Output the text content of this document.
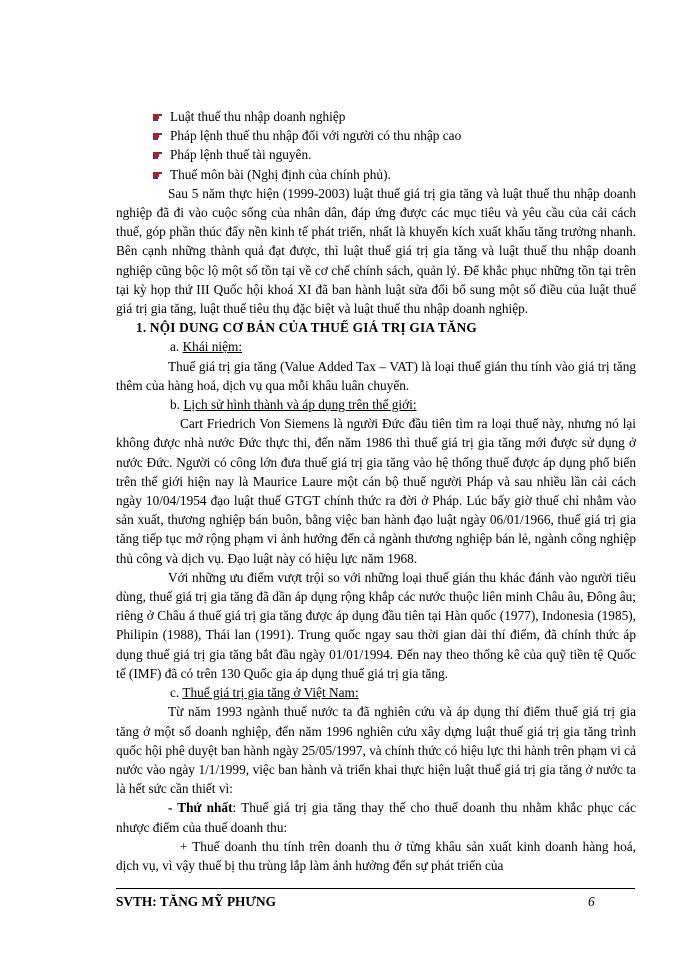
Luật thuế thu nhập doanh nghiệp
Pháp lệnh thuế thu nhập đối với người có thu nhập cao
Pháp lệnh thuế tài nguyên.
Thuế môn bài (Nghị định của chính phủ).

Sau 5 năm thực hiện (1999-2003) luật thuế giá trị gia tăng và luật thuế thu nhập doanh nghiệp đã đi vào cuộc sống của nhân dân, đáp ứng được các mục tiêu và yêu cầu của cải cách thuế, góp phần thúc đẩy nền kinh tế phát triển, nhất là khuyến kích xuất khẩu tăng trưởng nhanh. Bên cạnh những thành quả đạt được, thì luật thuế giá trị gia tăng và luật thuế thu nhập doanh nghiệp cũng bộc lộ một số tồn tại về cơ chế chính sách, quản lý. Để khắc phục những tồn tại trên tại kỳ họp thứ III Quốc hội khoá XI đã ban hành luật sửa đổi bổ sung một số điều của luật thuế giá trị gia tăng, luật thuế tiêu thụ đặc biệt và luật thuế thu nhập doanh nghiệp.

1. NỘI DUNG CƠ BẢN CỦA THUẾ GIÁ TRỊ GIA TĂNG
a. Khái niệm:

Thuế giá trị gia tăng (Value Added Tax – VAT) là loại thuế gián thu tính vào giá trị tăng thêm của hàng hoá, dịch vụ qua mỗi khâu luân chuyển.

b. Lịch sử hình thành và áp dụng trên thế giới:

Cart Friedrich Von Siemens là người Đức đầu tiên tìm ra loại thuế này, nhưng nó lại không được nhà nước Đức thực thi, đến năm 1986 thì thuế giá trị gia tăng mới được sử dụng ở nước Đức. Người có công lớn đưa thuế giá trị gia tăng vào hệ thống thuế được áp dụng phổ biến trên thế giới hiện nay là Maurice Laure một cán bộ thuế người Pháp và sau nhiều lần cải cách ngày 10/04/1954 đạo luật thuế GTGT chính thức ra đời ở Pháp. Lúc bấy giờ thuế chỉ nhằm vào sản xuất, thương nghiệp bán buôn, bằng việc ban hành đạo luật ngày 06/01/1966, thuế giá trị gia tăng tiếp tục mở rộng phạm vi ảnh hưởng đến cả ngành thương nghiệp bán lẻ, ngành công nghiệp thủ công và dịch vụ. Đạo luật này có hiệu lực năm 1968.

Với những ưu điểm vượt trội so với những loại thuế gián thu khác đánh vào người tiêu dùng, thuế giá trị gia tăng đã dần áp dụng rộng khắp các nước thuộc liên minh Châu âu, Đông âu; riêng ở Châu á thuế giá trị gia tăng được áp dụng đầu tiên tại Hàn quốc (1977), Indonesia (1985), Philipin (1988), Thái lan (1991). Trung quốc ngay sau thời gian dài thí điểm, đã chính thức áp dụng thuế giá trị gia tăng bắt đầu ngày 01/01/1994. Đến nay theo thống kê của quỹ tiền tệ Quốc tế (IMF) đã có trên 130 Quốc gia áp dụng thuế giá trị gia tăng.

c. Thuế giá trị gia tăng ở Việt Nam:

Từ năm 1993 ngành thuế nước ta đã nghiên cứu và áp dụng thí điểm thuế giá trị gia tăng ở một số doanh nghiệp, đến năm 1996 nghiên cứu xây dựng luật thuế giá trị gia tăng trình quốc hội phê duyệt ban hành ngày 25/05/1997, và chính thức có hiệu lực thi hành trên phạm vi cả nước vào ngày 1/1/1999, việc ban hành và triển khai thực hiện luật thuế giá trị gia tăng ở nước ta là hết sức cần thiết vì:

- Thứ nhất: Thuế giá trị gia tăng thay thế cho thuế doanh thu nhằm khắc phục các nhược điểm của thuế doanh thu:

+ Thuế doanh thu tính trên doanh thu ở từng khâu sản xuất kinh doanh hàng hoá, dịch vụ, vì vậy thuế bị thu trùng lắp làm ảnh hưởng đến sự phát triển của

SVTH: TĂNG MỸ PHƯNG	6
